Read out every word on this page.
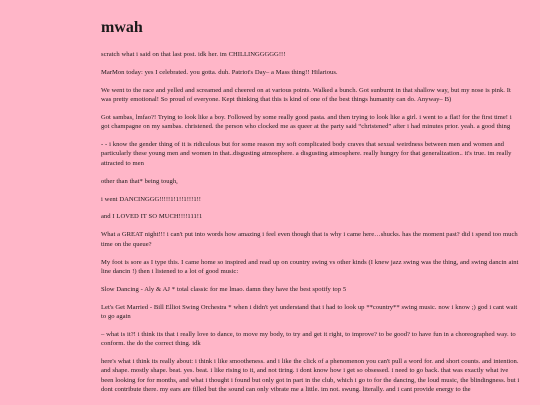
mwah

scratch what i said on that last post. idk her. im CHILLINGGGGG!!!

MarMon today: yes I celebrated. you gotta. duh. Patriot's Day– a Mass thing!! Hilarious.

We went to the race and yelled and screamed and cheered on at various points. Walked a bunch. Got sunburnt in that shallow way, but my nose is pink. It was pretty emotional! So proud of everyone. Kept thinking that this is kind of one of the best things humanity can do. Anyway– B)

Got sambas, lmfao?! Trying to look like a boy. Followed by some really good pasta. and then trying to look like a girl. i went to a flat! for the first time! i got champagne on my sambas. christened. the person who clocked me as queer at the party said “christened” after i had minutes prior. yeah. a good thing

- - i know the gender thing of it is ridiculous but for some reason my soft complicated body craves that sexual weirdness between men and women and particularly these young men and women in that..disgusting atmosphere. a disgusting atmosphere. really hungry for that generalization.. it's true. im really attracted to men

other than that* being tough,

i went DANCINGGG!!!!!1!1!!1!!!1!!

and I LOVED IT SO MUCH!!!!111!1

What a GREAT night!!! i can't put into words how amazing i feel even though that is why i came here…shucks. has the moment past? did i spend too much time on the queue?

My foot is sore as I type this. I came home so inspired and read up on country swing vs other kinds (I knew jazz swing was the thing, and swing dancin aint line dancin !) then i listened to a lot of good music:

Slow Dancing - Aly & AJ * total classic for me lmao. damn they have the best spotify top 5

Let's Get Married - Bill Elliot Swing Orchestra * when i didn't yet understand that i had to look up **country** swing music. now i know ;) god i cant wait to go again

– what is it?! i think its that i really love to dance, to move my body, to try and get it right, to improve? to be good? to have fun in a choreographed way. to conform. the do the correct thing. idk

here's what i think its really about: i think i like smootheness. and i like the click of a phenomenon you can't pull a word for. and short counts. and intention. and shape. mostly shape. beat. yes. beat. i like rising to it, and not tiring. i dont know how i get so obsessed. i need to go back. that was exactly what ive been looking for for months, and what i thought i found but only got in part in the club, which i go to for the dancing, the loud music, the blindingness. but i dont contribute there. my ears are filled but the sound can only vibrate me a little. im not. swung. literally. and i cant provide energy to the
